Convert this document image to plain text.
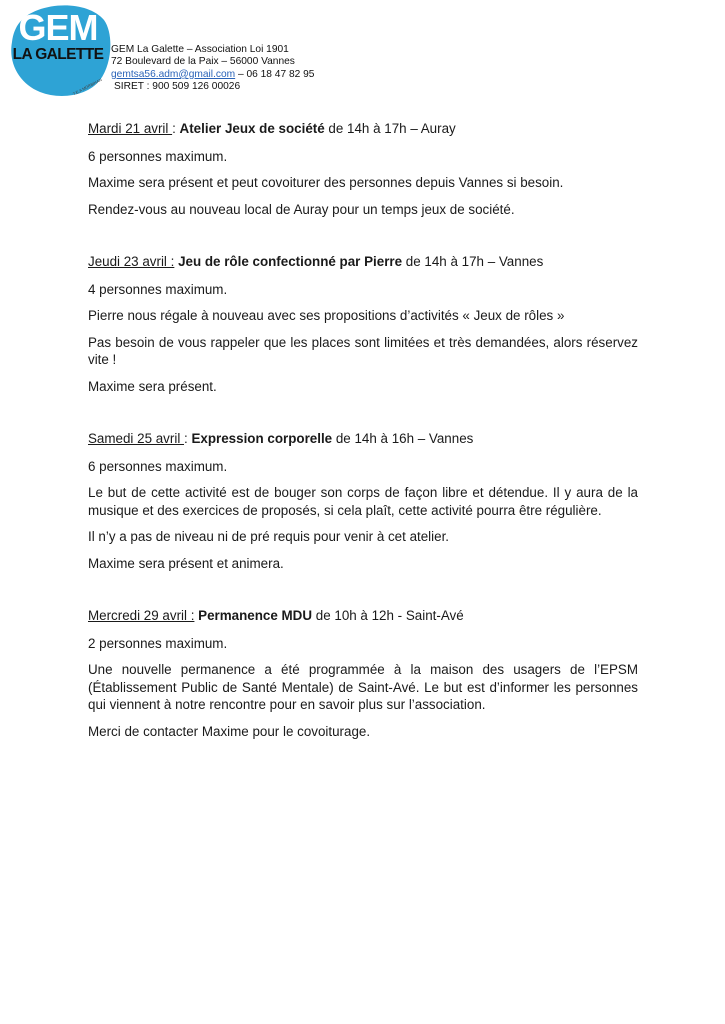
GEM
LA GALETTE
T.E.A MORBIHAN
GEM La Galette – Association Loi 1901
72 Boulevard de la Paix – 56000 Vannes
gemtsa56.adm@gmail.com – 06 18 47 82 95
SIRET : 900 509 126 00026

Mardi 21 avril : Atelier Jeux de société de 14h à 17h – Auray

6 personnes maximum.

Maxime sera présent et peut covoiturer des personnes depuis Vannes si besoin.

Rendez-vous au nouveau local de Auray pour un temps jeux de société.

Jeudi 23 avril : Jeu de rôle confectionné par Pierre de 14h à 17h – Vannes

4 personnes maximum.

Pierre nous régale à nouveau avec ses propositions d’activités « Jeux de rôles »

Pas besoin de vous rappeler que les places sont limitées et très demandées, alors réservez vite !

Maxime sera présent.

Samedi 25 avril : Expression corporelle de 14h à 16h – Vannes

6 personnes maximum.

Le but de cette activité est de bouger son corps de façon libre et détendue. Il y aura de la musique et des exercices de proposés, si cela plaît, cette activité pourra être régulière.

Il n’y a pas de niveau ni de pré requis pour venir à cet atelier.

Maxime sera présent et animera.

Mercredi 29 avril : Permanence MDU de 10h à 12h - Saint-Avé

2 personnes maximum.

Une nouvelle permanence a été programmée à la maison des usagers de l’EPSM (Établissement Public de Santé Mentale) de Saint-Avé. Le but est d’informer les personnes qui viennent à notre rencontre pour en savoir plus sur l’association.

Merci de contacter Maxime pour le covoiturage.
